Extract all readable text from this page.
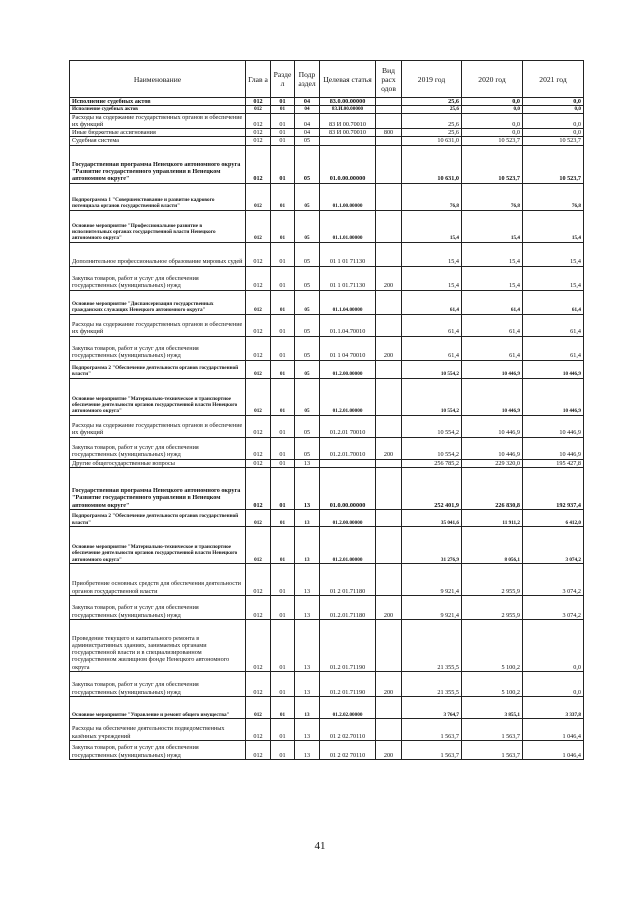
Наименование	Глав а	Разде л	Подр аздел	Целевая статья	Вид расх одов	2019 год	2020 год	2021 год
Исполнение судебных актов	012	01	04	83.0.00.00000		25,6	0,0	0,0
Исполнение судебных актов	012	01	04	83.И.00.00000		25,6	0,0	0,0
Расходы на содержание государственных органов и обеспечение их функций	012	01	04	83 И 00.70010		25,6	0,0	0,0
Иные бюджетные ассигнования	012	01	04	83 И 00.70010	800	25,6	0,0	0,0
Судебная система	012	01	05			10 631,0	10 523,7	10 523,7
Государственная программа Ненецкого автономного округа "Развитие государственного управления в Ненецком автономном округе"	012	01	05	01.0.00.00000		10 631,0	10 523,7	10 523,7
Подпрограмма 1 "Совершенствование и развитие кадрового потенциала органов государственной власти"	012	01	05	01.1.00.00000		76,8	76,8	76,8
Основное мероприятие "Профессиональное развитие в исполнительных органах государственной власти Ненецкого автономного округа"	012	01	05	01.1.01.00000		15,4	15,4	15,4
Дополнительное профессиональное образование мировых судей	012	01	05	01 1 01 71130		15,4	15,4	15,4
Закупка товаров, работ и услуг для обеспечения государственных (муниципальных) нужд	012	01	05	01 1 01.71130	200	15,4	15,4	15,4
Основное мероприятие "Диспансеризация государственных гражданских служащих Ненецкого автономного округа"	012	01	05	01.1.04.00000		61,4	61,4	61,4
Расходы на содержание государственных органов и обеспечение их функций	012	01	05	01.1.04.70010		61,4	61,4	61,4
Закупка товаров, работ и услуг для обеспечения государственных (муниципальных) нужд	012	01	05	01 1 04 70010	200	61,4	61,4	61,4
Подпрограмма 2 "Обеспечение деятельности органов государственной власти"	012	01	05	01.2.00.00000		10 554,2	10 446,9	10 446,9
Основное мероприятие "Материально-техническое и транспортное обеспечение деятельности органов государственной власти Ненецкого автономного округа"	012	01	05	01.2.01.00000		10 554,2	10 446,9	10 446,9
Расходы на содержание государственных органов и обеспечение их функций	012	01	05	01.2.01 70010		10 554,2	10 446,9	10 446,9
Закупка товаров, работ и услуг для обеспечения государственных (муниципальных) нужд	012	01	05	01.2.01.70010	200	10 554,2	10 446,9	10 446,9
Другие общегосударственные вопросы	012	01	13			256 785,2	229 320,0	195 427,8
Государственная программа Ненецкого автономного округа "Развитие государственного управления в Ненецком автономном округе"	012	01	13	01.0.00.00000		252 401,9	226 830,8	192 937,4
Подпрограмма 2 "Обеспечение деятельности органов государственной власти"	012	01	13	01.2.00.00000		35 041,6	11 911,2	6 412,0
Основное мероприятие "Материально-техническое и транспортное обеспечение деятельности органов государственной власти Ненецкого автономного округа"	012	01	13	01.2.01.00000		31 276,9	8 056,1	3 074,2
Приобретение основных средств для обеспечения деятельности органов государственной власти	012	01	13	01 2 01.71180		9 921,4	2 955,9	3 074,2
Закупка товаров, работ и услуг для обеспечения государственных (муниципальных) нужд	012	01	13	01.2.01.71180	200	9 921,4	2 955,9	3 074,2
Проведение текущего и капитального ремонта в административных зданиях, занимаемых органами государственной власти и в специализированном государственном жилищном фонде Ненецкого автономного округа	012	01	13	01.2 01.71190		21 355,5	5 100,2	0,0
Закупка товаров, работ и услуг для обеспечения государственных (муниципальных) нужд	012	01	13	01.2 01.71190	200	21 355,5	5 100,2	0,0
Основное мероприятие "Управление и ремонт общего имущества"	012	01	13	01.2.02.00000		3 764,7	3 855,1	3 337,8
Расходы на обеспечение деятельности подведомственных казённых учреждений	012	01	13	01 2 02.70110		1 563,7	1 563,7	1 046,4
Закупка товаров, работ и услуг для обеспечения государственных (муниципальных) нужд	012	01	13	01 2 02 70110	200	1 563,7	1 563,7	1 046,4
41
